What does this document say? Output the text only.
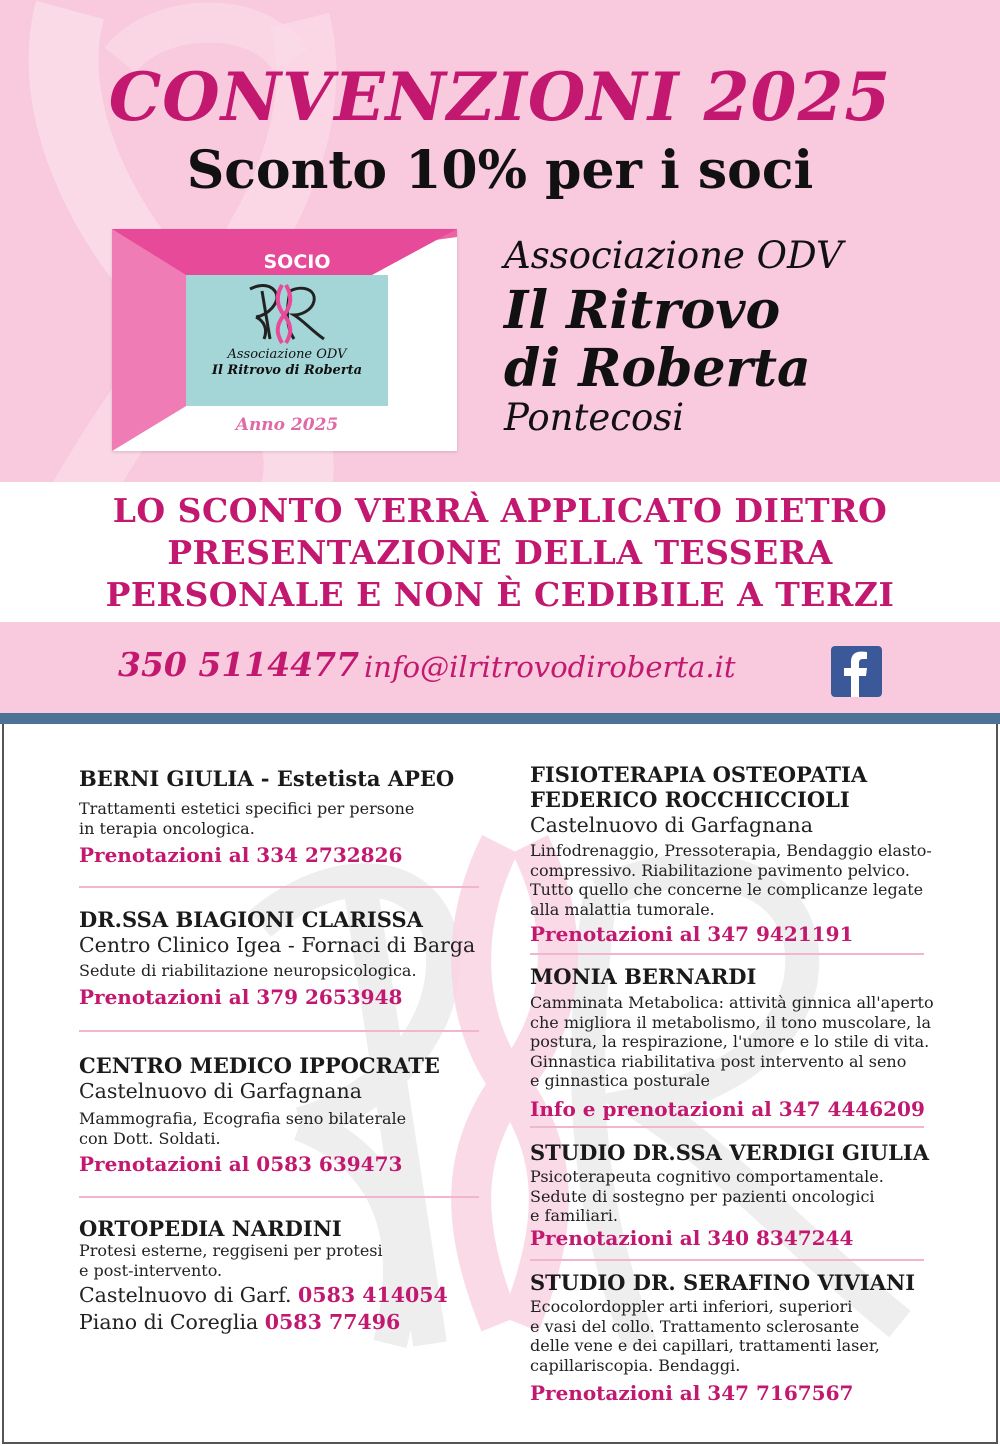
CONVENZIONI 2025
Sconto 10% per i soci
SOCIO
Associazione ODV
Il Ritrovo di Roberta
Anno 2025
Associazione ODV
Il Ritrovo
di Roberta
Pontecosi
LO SCONTO VERRÀ APPLICATO DIETRO
PRESENTAZIONE DELLA TESSERA
PERSONALE E NON È CEDIBILE A TERZI
350 5114477 info@ilritrovodiroberta.it
BERNI GIULIA - Estetista APEO
Trattamenti estetici specifici per persone
in terapia oncologica.
Prenotazioni al 334 2732826
DR.SSA BIAGIONI CLARISSA
Centro Clinico Igea - Fornaci di Barga
Sedute di riabilitazione neuropsicologica.
Prenotazioni al 379 2653948
CENTRO MEDICO IPPOCRATE
Castelnuovo di Garfagnana
Mammografia, Ecografia seno bilaterale
con Dott. Soldati.
Prenotazioni al 0583 639473
ORTOPEDIA NARDINI
Protesi esterne, reggiseni per protesi
e post-intervento.
Castelnuovo di Garf. 0583 414054
Piano di Coreglia 0583 77496
FISIOTERAPIA OSTEOPATIA
FEDERICO ROCCHICCIOLI
Castelnuovo di Garfagnana
Linfodrenaggio, Pressoterapia, Bendaggio elasto-
compressivo. Riabilitazione pavimento pelvico.
Tutto quello che concerne le complicanze legate
alla malattia tumorale.
Prenotazioni al 347 9421191
MONIA BERNARDI
Camminata Metabolica: attività ginnica all'aperto
che migliora il metabolismo, il tono muscolare, la
postura, la respirazione, l'umore e lo stile di vita.
Ginnastica riabilitativa post intervento al seno
e ginnastica posturale
Info e prenotazioni al 347 4446209
STUDIO DR.SSA VERDIGI GIULIA
Psicoterapeuta cognitivo comportamentale.
Sedute di sostegno per pazienti oncologici
e familiari.
Prenotazioni al 340 8347244
STUDIO DR. SERAFINO VIVIANI
Ecocolordoppler arti inferiori, superiori
e vasi del collo. Trattamento sclerosante
delle vene e dei capillari, trattamenti laser,
capillariscopia. Bendaggi.
Prenotazioni al 347 7167567
